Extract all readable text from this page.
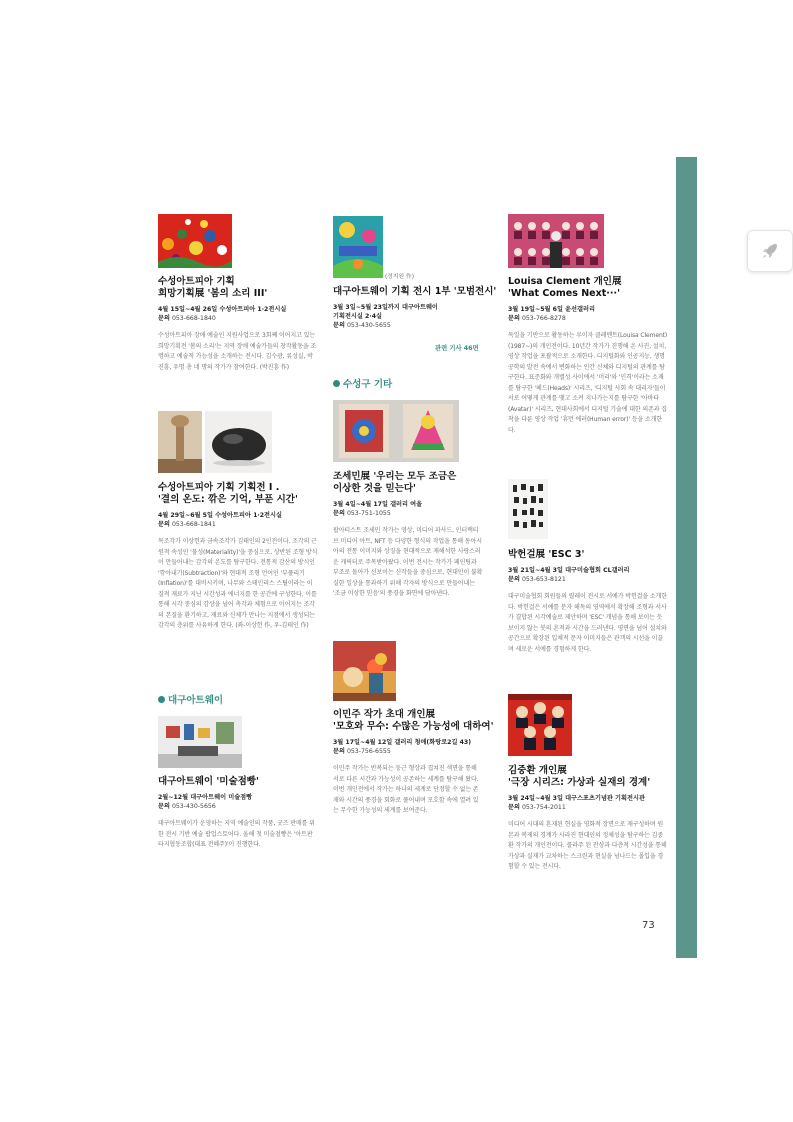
수성아트피아 기획
희망기획展 '봄의 소리 III'

4월 15일~4월 26일 수성아트피아 1·2전시실
문의 053-668-1840
수성아트피아 장애 예술인 지원사업으로 3회째 이어지고 있는 희망기획전 '봄의 소리'는 지역 장애 예술가들의 창작활동을 조명하고 예술적 가능성을 소개하는 전시다. 김수광, 류성실, 박진흥, 우명 총 네 명의 작가가 참여한다. (박진흥 作)

수성아트피아 기획 기획전 I .
'결의 온도: 깎은 기억, 부푼 시간'

4월 29일~6월 5일 수성아트피아 1·2전시실
문의 053-668-1841
목조각가 이상헌과 금속조각가 김태인의 2인전이다. 조각의 근원적 속성인 '물성(Materiality)'을 중심으로, 상반된 조형 방식이 만들어내는 감각의 온도를 탐구한다. 전통적 감산의 방식인 '깎아내기(Subtraction)'와 현대적 조형 언어인 '부풀리기(Inflation)'를 대비시키며, 나무와 스테인리스 스틸이라는 이질적 재료가 지닌 시간성과 에너지를 한 공간에 구성한다. 이를 통해 시각 중심의 감상을 넘어 촉각과 체험으로 이어지는 조각의 본질을 환기하고, 재료와 신체가 만나는 지점에서 생성되는 감각의 층위를 사유하게 한다. (좌-이상헌 作, 우-김태인 作)
대구아트웨이

대구아트웨이 '미술점빵'

2월~12월 대구아트웨이 미술점빵
문의 053-430-5656
대구아트웨이가 운영하는 지역 예술인의 작품, 굿즈 판매를 위한 전시 기반 예술 팝업스토어다. 올해 첫 미술점빵은 '아트판타지협동조합(대표 전혜주)'이 진행한다.
(정지원 作)

대구아트웨이 기획 전시 1부 '모범전시'

3월 3일~5월 23일까지 대구아트웨이
기획전시실 2·4실
문의 053-430-5655
관련 기사 46면
수성구 기타

조세민展 '우리는 모두 조금은
이상한 것을 믿는다'

3월 4일~4월 17일 갤러리 여울
문의 053-751-1055
팝아티스트 조세민 작가는 영상, 미디어 파사드, 인터랙티브 미디어 아트, NFT 등 다양한 형식의 작업을 통해 동아시아의 전통 이미지와 상징을 현대적으로 재해석한 사랑스러운 캐릭터로 주목받아왔다. 이번 전시는 작가가 페인팅과 부조로 돌아가 선보이는 신작들을 중심으로, 현대인이 불확실한 일상을 통과하기 위해 각자의 방식으로 만들어내는 '조금 이상한 믿음'의 풍경을 화면에 담아낸다.

이민주 작가 초대 개인展
'모호와 무수: 수많은 가능성에 대하여'

3월 17일~4월 12일 갤러리 청애(화랑로2길 43)
문의 053-756-6555
이민주 작가는 반복되는 둥근 형상과 겹쳐진 색면을 통해 서로 다른 시간과 가능성이 공존하는 세계를 탐구해 왔다. 이번 개인전에서 작가는 하나의 세계로 단정할 수 없는 존재와 시간의 풍경을 회화로 풀어내며 모호함 속에 열려 있는 무수한 가능성의 세계를 보여준다.

Louisa Clement 개인展
'What Comes Next···'

3월 19일~5월 6일 윤선갤러리
문의 053-766-8278
독일을 기반으로 활동하는 루이자 클레멘트(Louisa Clement)(1987~)의 개인전이다. 10년간 작가가 진행해 온 사진, 설치, 영상 작업을 포괄적으로 소개한다. 디지털화와 인공지능, 생명공학의 발전 속에서 변화하는 인간 신체와 디지털의 관계를 탐구한다. 표준화와 개별성 사이에서 '머리'와 '인격'이라는 소재를 탐구한 '헤드(Heads)' 시리즈, '디지털 사회 속 대리자'들이 서로 어떻게 관계를 맺고 소켜 지나가는지를 탐구한 '아바타(Avatar)' 시리즈, 현대사회에서 디지털 기술에 대한 의존과 집착을 다룬 영상 작업 '휴먼 에러(Human error)' 등을 소개한다.

박헌걸展 'ESC 3'

3월 21일~4월 3일 대구미술협회 CL갤러리
문의 053-653-8121
대구미술협회 회원들의 릴레이 전시로 서예가 박헌걸을 소개한다. 박헌걸은 서예를 문자 해독의 영역에서 확장해 조형과 서사가 결합된 시각예술로 제안하며 'ESC' 개념을 통해 보이는 듯 보이지 않는 붓의 흔적과 시간을 드러낸다. 평면을 넘어 설치와 공간으로 확장된 입체적 문자 이미지들은 관객의 시선을 이끌며 새로운 서예를 경험하게 한다.

김중환 개인展
'극장 시리즈: 가상과 실재의 경계'

3월 24일~4월 3일 대구스포츠기념관 기획전시관
문의 053-754-2011
미디어 시대의 혼재된 현실을 영화적 장면으로 재구성하며 원본과 복제의 경계가 사라진 현대인의 정체성을 탐구하는 김중환 작가의 개인전이다. 콜라주 된 잔상과 다층적 시간성을 통해 가상과 실재가 교차하는 스크린과 현실을 넘나드는 몰입을 경험할 수 있는 전시다.
73
